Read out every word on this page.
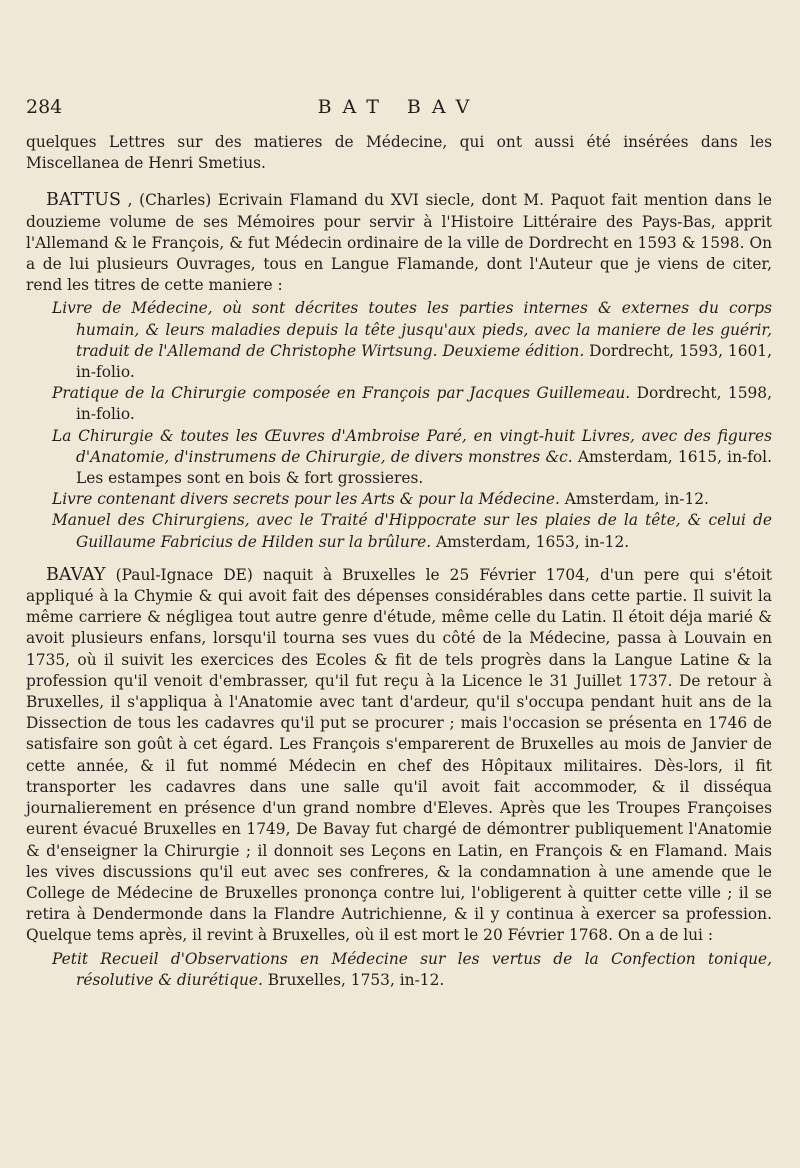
284	BAT BAV

quelques Lettres sur des matieres de Médecine, qui ont aussi été insérées dans les Miscellanea de Henri Smetius.

BATTUS , (Charles) Ecrivain Flamand du XVI siecle, dont M. Paquot fait mention dans le douzieme volume de ses Mémoires pour servir à l'Histoire Littéraire des Pays-Bas, apprit l'Allemand & le François, & fut Médecin ordinaire de la ville de Dordrecht en 1593 & 1598. On a de lui plusieurs Ouvrages, tous en Langue Flamande, dont l'Auteur que je viens de citer, rend les titres de cette maniere :

Livre de Médecine, où sont décrites toutes les parties internes & externes du corps humain, & leurs maladies depuis la tête jusqu'aux pieds, avec la maniere de les guérir, traduit de l'Allemand de Christophe Wirtsung. Deuxieme édition. Dordrecht, 1593, 1601, in-folio.

Pratique de la Chirurgie composée en François par Jacques Guillemeau. Dordrecht, 1598, in-folio.

La Chirurgie & toutes les Œuvres d'Ambroise Paré, en vingt-huit Livres, avec des figures d'Anatomie, d'instrumens de Chirurgie, de divers monstres &c. Amsterdam, 1615, in-fol. Les estampes sont en bois & fort grossieres.

Livre contenant divers secrets pour les Arts & pour la Médecine. Amsterdam, in-12.

Manuel des Chirurgiens, avec le Traité d'Hippocrate sur les plaies de la tête, & celui de Guillaume Fabricius de Hilden sur la brûlure. Amsterdam, 1653, in-12.

BAVAY (Paul-Ignace DE) naquit à Bruxelles le 25 Février 1704, d'un pere qui s'étoit appliqué à la Chymie & qui avoit fait des dépenses considérables dans cette partie. Il suivit la même carriere & négligea tout autre genre d'étude, même celle du Latin. Il étoit déja marié & avoit plusieurs enfans, lorsqu'il tourna ses vues du côté de la Médecine, passa à Louvain en 1735, où il suivit les exercices des Ecoles & fit de tels progrès dans la Langue Latine & la profession qu'il venoit d'embrasser, qu'il fut reçu à la Licence le 31 Juillet 1737. De retour à Bruxelles, il s'appliqua à l'Anatomie avec tant d'ardeur, qu'il s'occupa pendant huit ans de la Dissection de tous les cadavres qu'il put se procurer ; mais l'occasion se présenta en 1746 de satisfaire son goût à cet égard. Les François s'emparerent de Bruxelles au mois de Janvier de cette année, & il fut nommé Médecin en chef des Hôpitaux militaires. Dès-lors, il fit transporter les cadavres dans une salle qu'il avoit fait accommoder, & il disséqua journalierement en présence d'un grand nombre d'Eleves. Après que les Troupes Françoises eurent évacué Bruxelles en 1749, De Bavay fut chargé de démontrer publiquement l'Anatomie & d'enseigner la Chirurgie ; il donnoit ses Leçons en Latin, en François & en Flamand. Mais les vives discussions qu'il eut avec ses confreres, & la condamnation à une amende que le College de Médecine de Bruxelles prononça contre lui, l'obligerent à quitter cette ville ; il se retira à Dendermonde dans la Flandre Autrichienne, & il y continua à exercer sa profession. Quelque tems après, il revint à Bruxelles, où il est mort le 20 Février 1768. On a de lui :

Petit Recueil d'Observations en Médecine sur les vertus de la Confection tonique, résolutive & diurétique. Bruxelles, 1753, in-12.
